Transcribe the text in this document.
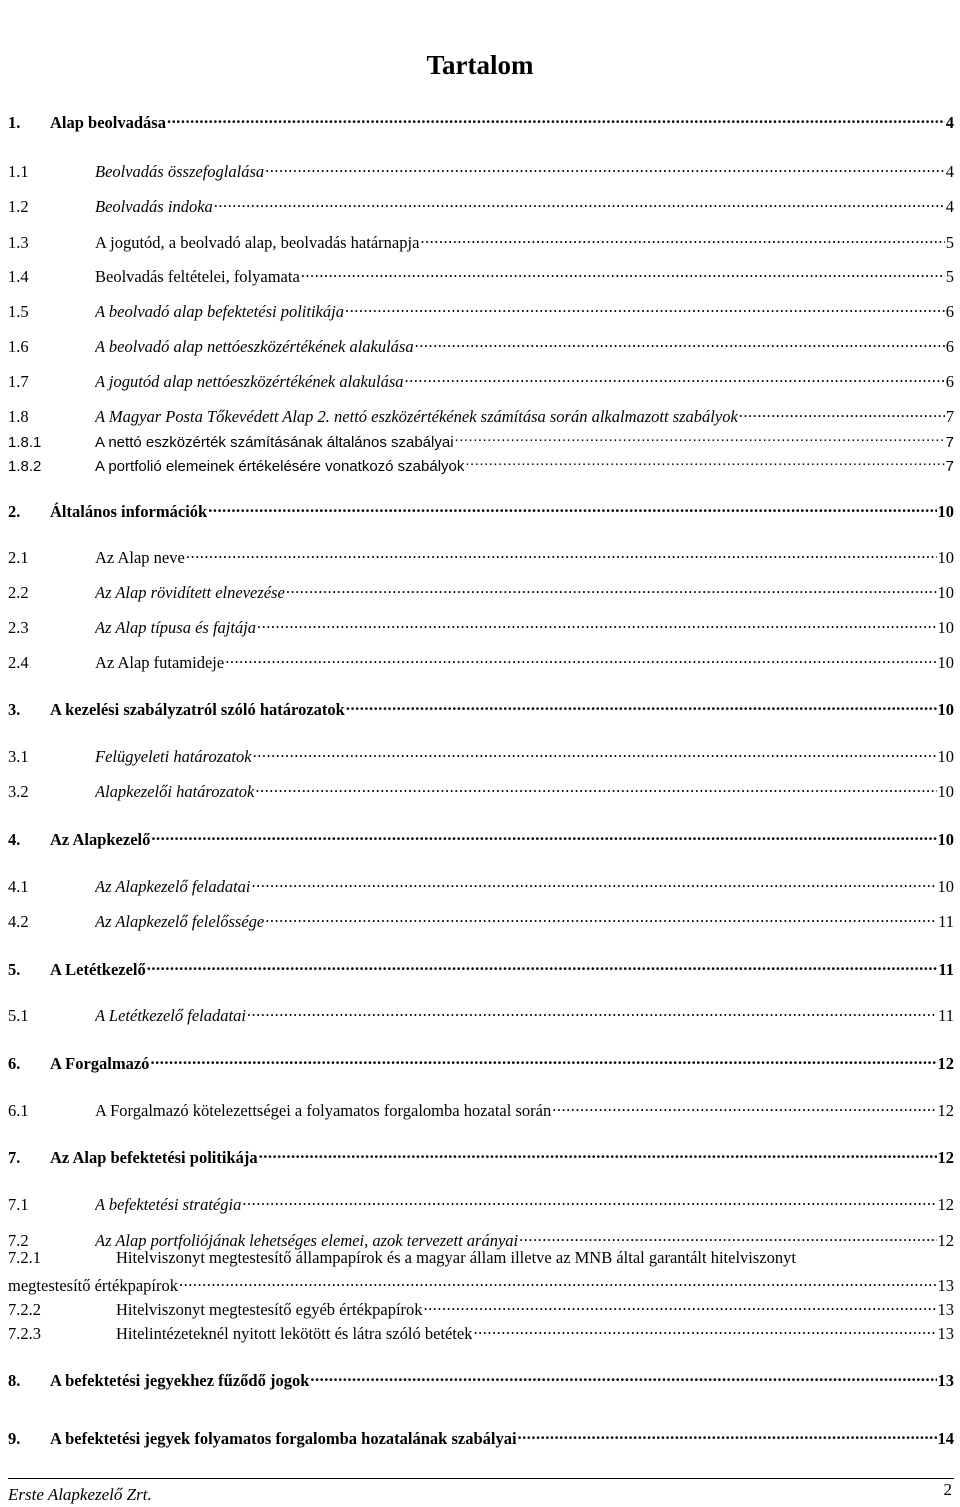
Tartalom
1.	Alap beolvadása .....	4
1.1	Beolvadás összefoglalása .....	4
1.2	Beolvadás indoka .....	4
1.3	A jogutód, a beolvadó alap, beolvadás határnapja .....	5
1.4	Beolvadás feltételei, folyamata .....	5
1.5	A beolvadó alap befektetési politikája .....	6
1.6	A beolvadó alap nettóeszközértékének alakulása .....	6
1.7	A jogutód alap nettóeszközértékének alakulása .....	6
1.8	A Magyar Posta Tőkevédett Alap 2. nettó eszközértékének számítása során alkalmazott szabályok .....	7
1.8.1	A nettó eszközérték számításának általános szabályai .....	7
1.8.2	A portfolió elemeinek értékelésére vonatkozó szabályok .....	7
2.	Általános információk .....	10
2.1	Az Alap neve .....	10
2.2	Az Alap rövidített elnevezése .....	10
2.3	Az Alap típusa és fajtája .....	10
2.4	Az Alap futamideje .....	10
3.	A kezelési szabályzatról szóló határozatok .....	10
3.1	Felügyeleti határozatok .....	10
3.2	Alapkezelői határozatok .....	10
4.	Az Alapkezelő .....	10
4.1	Az Alapkezelő feladatai .....	10
4.2	Az Alapkezelő felelőssége .....	11
5.	A Letétkezelő .....	11
5.1	A Letétkezelő feladatai .....	11
6.	A Forgalmazó .....	12
6.1	A Forgalmazó kötelezettségei a folyamatos forgalomba hozatal során .....	12
7.	Az Alap befektetési politikája .....	12
7.1	A befektetési stratégia .....	12
7.2	Az Alap portfoliójának lehetséges elemei, azok tervezett arányai .....	12
7.2.1	Hitelviszonyt megtestesítő állampapírok és a magyar állam illetve az MNB által garantált hitelviszonyt
megtestesítő értékpapírok .....	13
7.2.2	Hitelviszonyt megtestesítő egyéb értékpapírok .....	13
7.2.3	Hitelintézeteknél nyitott lekötött és látra szóló betétek .....	13
8.	A befektetési jegyekhez fűződő jogok .....	13
9.	A befektetési jegyek folyamatos forgalomba hozatalának szabályai .....	14
Erste Alapkezelő Zrt.	2
